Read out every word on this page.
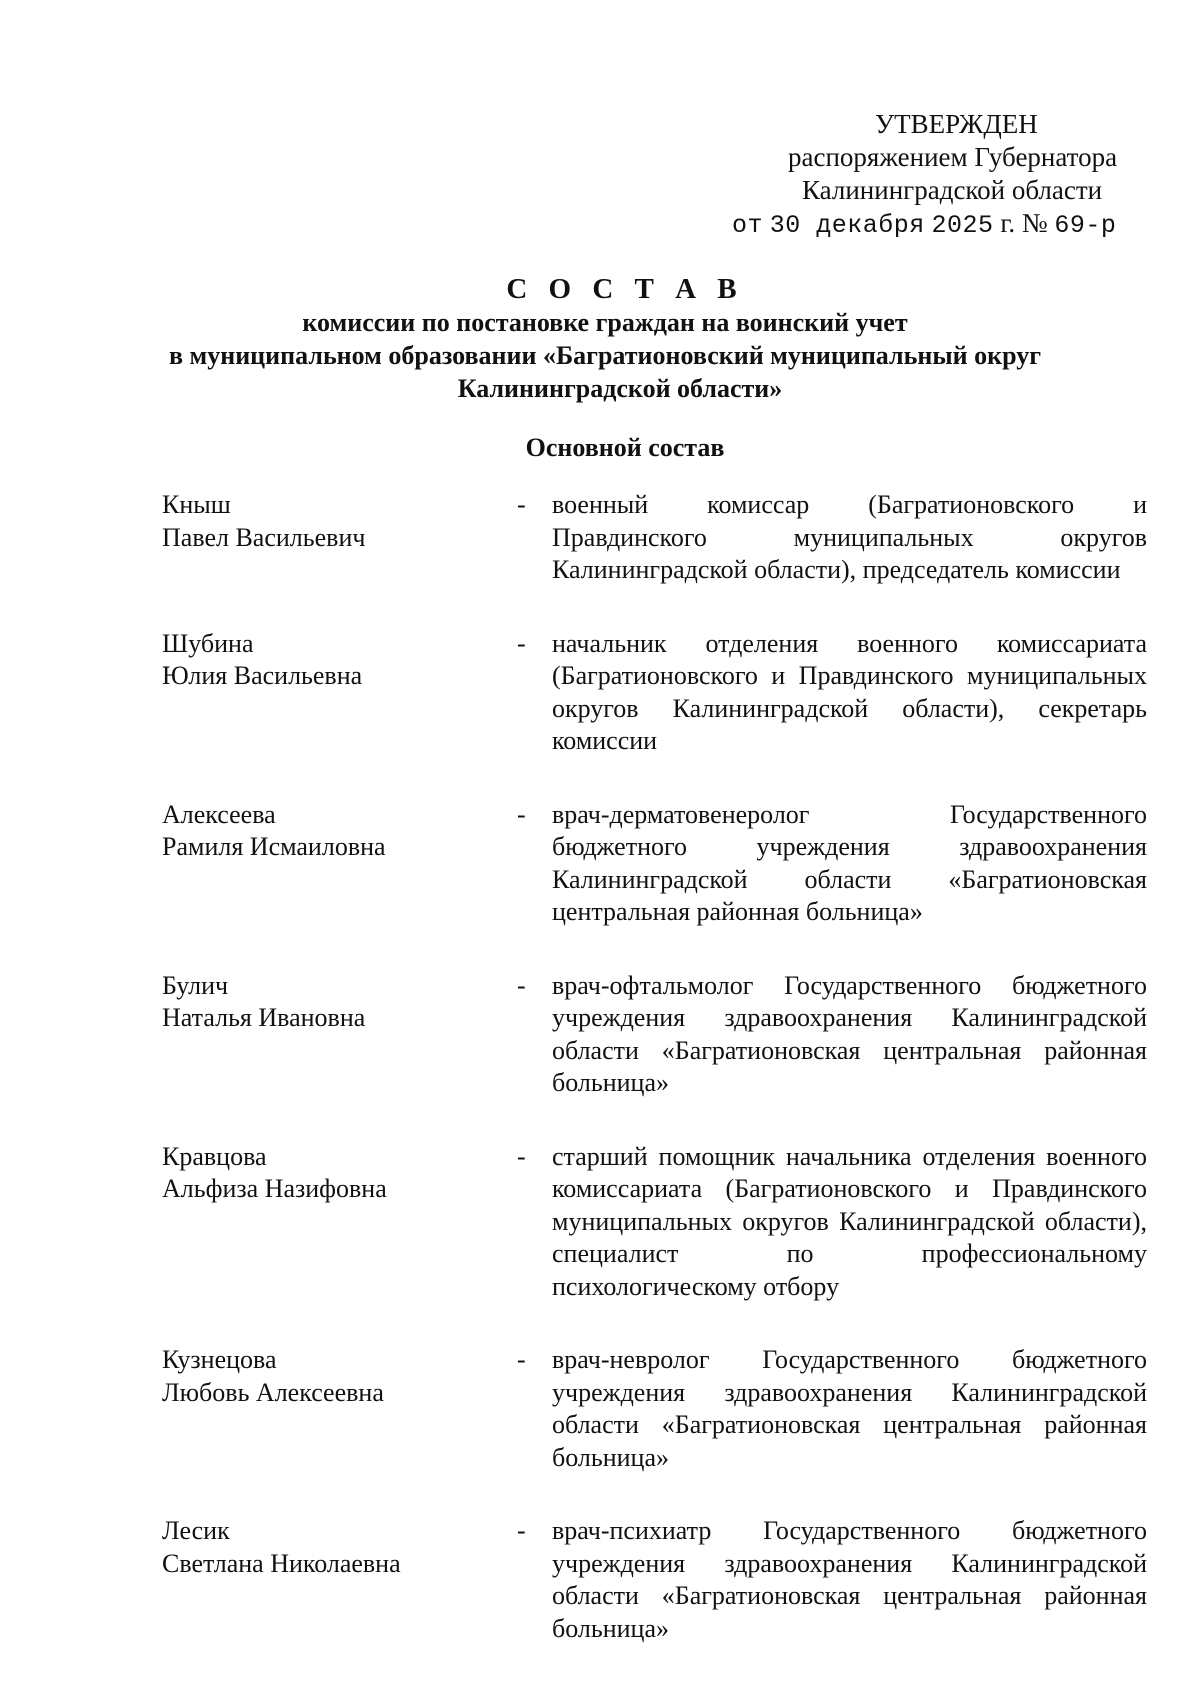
УТВЕРЖДЕН
распоряжением Губернатора
Калининградской области
от 30 декабря 2025 г. № 69-р
С О С Т А В
комиссии по постановке граждан на воинский учет
в муниципальном образовании «Багратионовский муниципальный округ
Калининградской области»
Основной состав
Кныш
Павел Васильевич
-	военный комиссар (Багратионовского и Правдинского муниципальных округов Калининградской области), председатель комиссии
Шубина
Юлия Васильевна
-	начальник отделения военного комиссариата (Багратионовского и Правдинского муниципальных округов Калининградской области), секретарь комиссии
Алексеева
Рамиля Исмаиловна
-	врач-дерматовенеролог Государственного бюджетного учреждения здравоохранения Калининградской области «Багратионовская центральная районная больница»
Булич
Наталья Ивановна
-	врач-офтальмолог Государственного бюджетного учреждения здравоохранения Калининградской области «Багратионовская центральная районная больница»
Кравцова
Альфиза Назифовна
-	старший помощник начальника отделения военного комиссариата (Багратионовского и Правдинского муниципальных округов Калининградской области), специалист по профессиональному психологическому отбору
Кузнецова
Любовь Алексеевна
-	врач-невролог Государственного бюджетного учреждения здравоохранения Калининградской области «Багратионовская центральная районная больница»
Лесик
Светлана Николаевна
-	врач-психиатр Государственного бюджетного учреждения здравоохранения Калининградской области «Багратионовская центральная районная больница»
